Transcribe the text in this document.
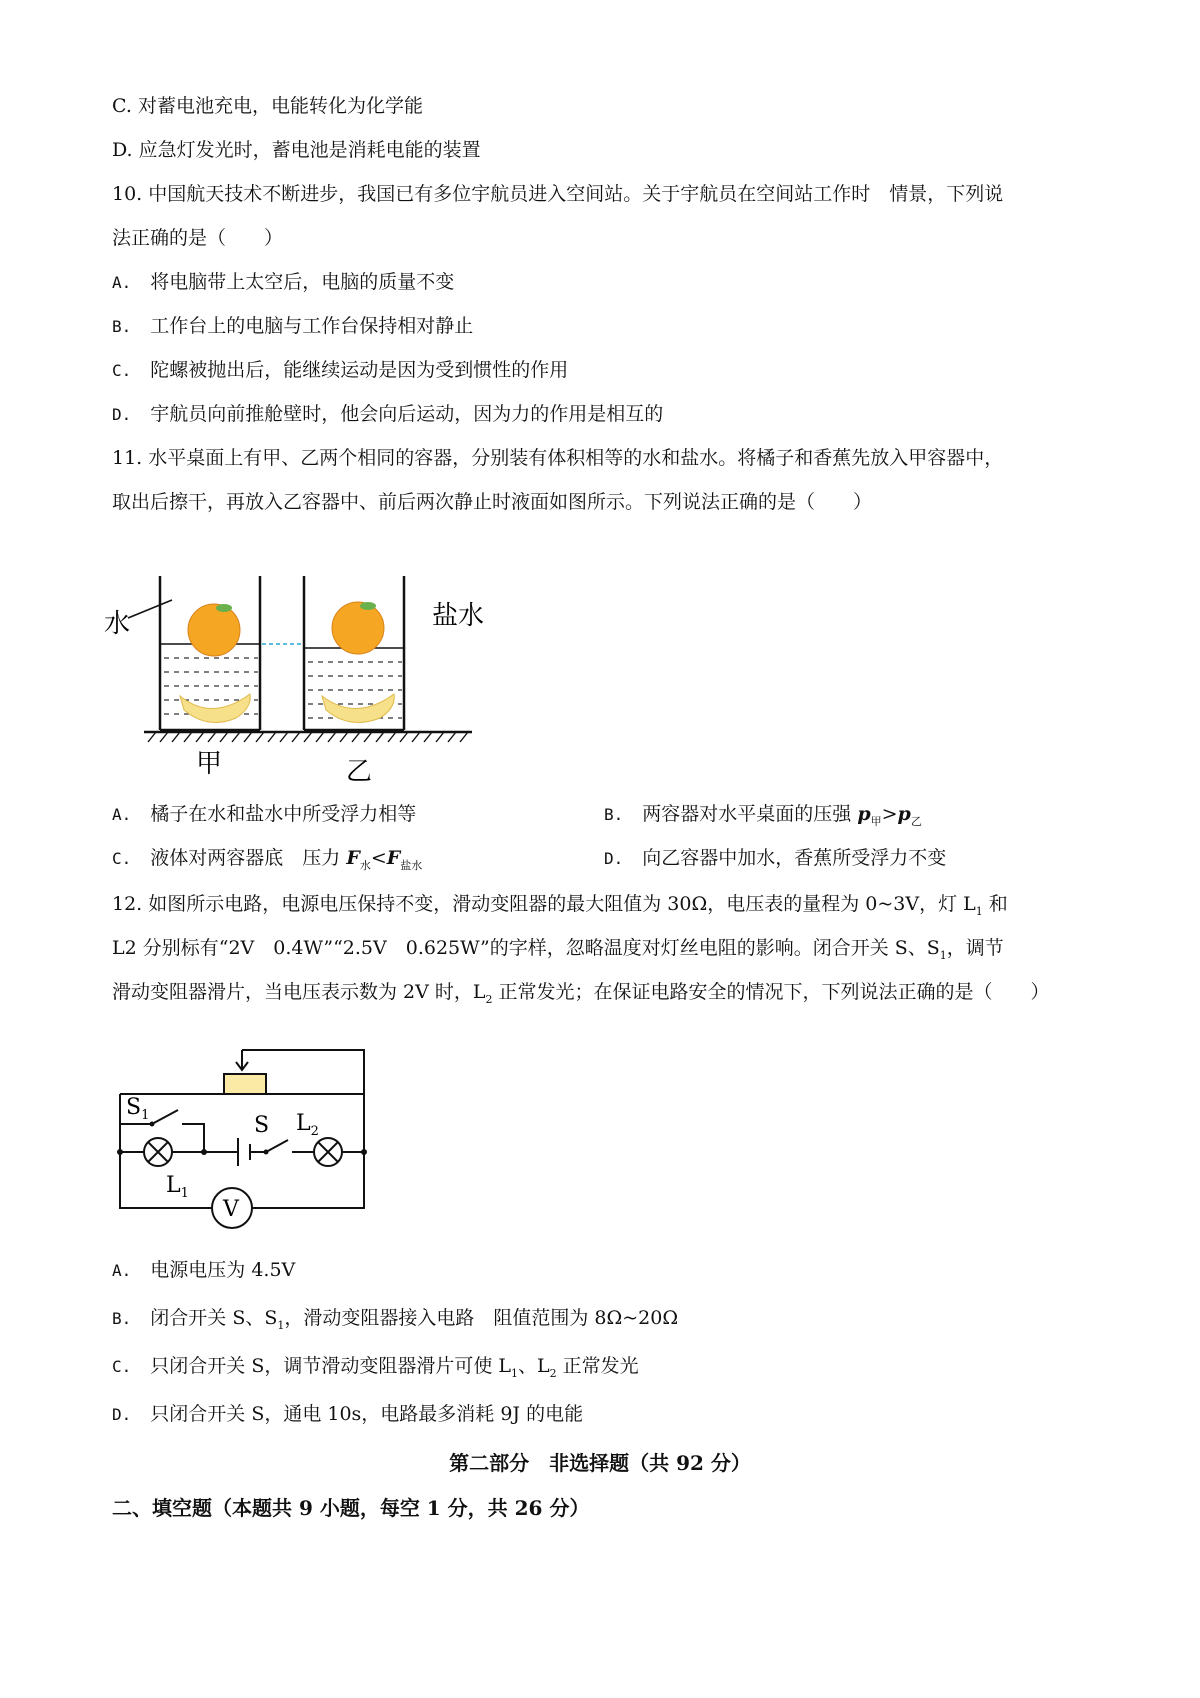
C. 对蓄电池充电，电能转化为化学能
D. 应急灯发光时，蓄电池是消耗电能的装置
10. 中国航天技术不断进步，我国已有多位宇航员进入空间站。关于宇航员在空间站工作时　情景，下列说
法正确的是（　　）
A.　 将电脑带上太空后，电脑的质量不变
B.　 工作台上的电脑与工作台保持相对静止
C.　 陀螺被抛出后，能继续运动是因为受到惯性的作用
D.　 宇航员向前推舱壁时，他会向后运动，因为力的作用是相互的
11. 水平桌面上有甲、乙两个相同的容器，分别装有体积相等的水和盐水。将橘子和香蕉先放入甲容器中，
取出后擦干，再放入乙容器中、前后两次静止时液面如图所示。下列说法正确的是（　　）
水	盐水
甲	乙
A.　 橘子在水和盐水中所受浮力相等	B.　 两容器对水平桌面的压强 $p_甲>p_乙$
C.　 液体对两容器底　压力 $F_水<F_{盐水}$	D.　 向乙容器中加水，香蕉所受浮力不变
12. 如图所示电路，电源电压保持不变，滑动变阻器的最大阻值为 30Ω，电压表的量程为 0~3V，灯 $L_1$ 和
L2 分别标有“2V　0.4W”“2.5V　0.625W”的字样，忽略温度对灯丝电阻的影响。闭合开关 S、$S_1$，调节
滑动变阻器滑片，当电压表示数为 2V 时，$L_2$ 正常发光；在保证电路安全的情况下，下列说法正确的是（　　）
$S_1$	S
$L_1$
$L_2$
V
A.　 电源电压为 4.5V
B.　 闭合开关 S、$S_1$，滑动变阻器接入电路　阻值范围为 8Ω~20Ω
C.　 只闭合开关 S，调节滑动变阻器滑片可使 $L_1$、$L_2$ 正常发光
D.　 只闭合开关 S，通电 10s，电路最多消耗 9J 的电能
第二部分　非选择题（共 92 分）
二、填空题（本题共 9 小题，每空 1 分，共 26 分）
